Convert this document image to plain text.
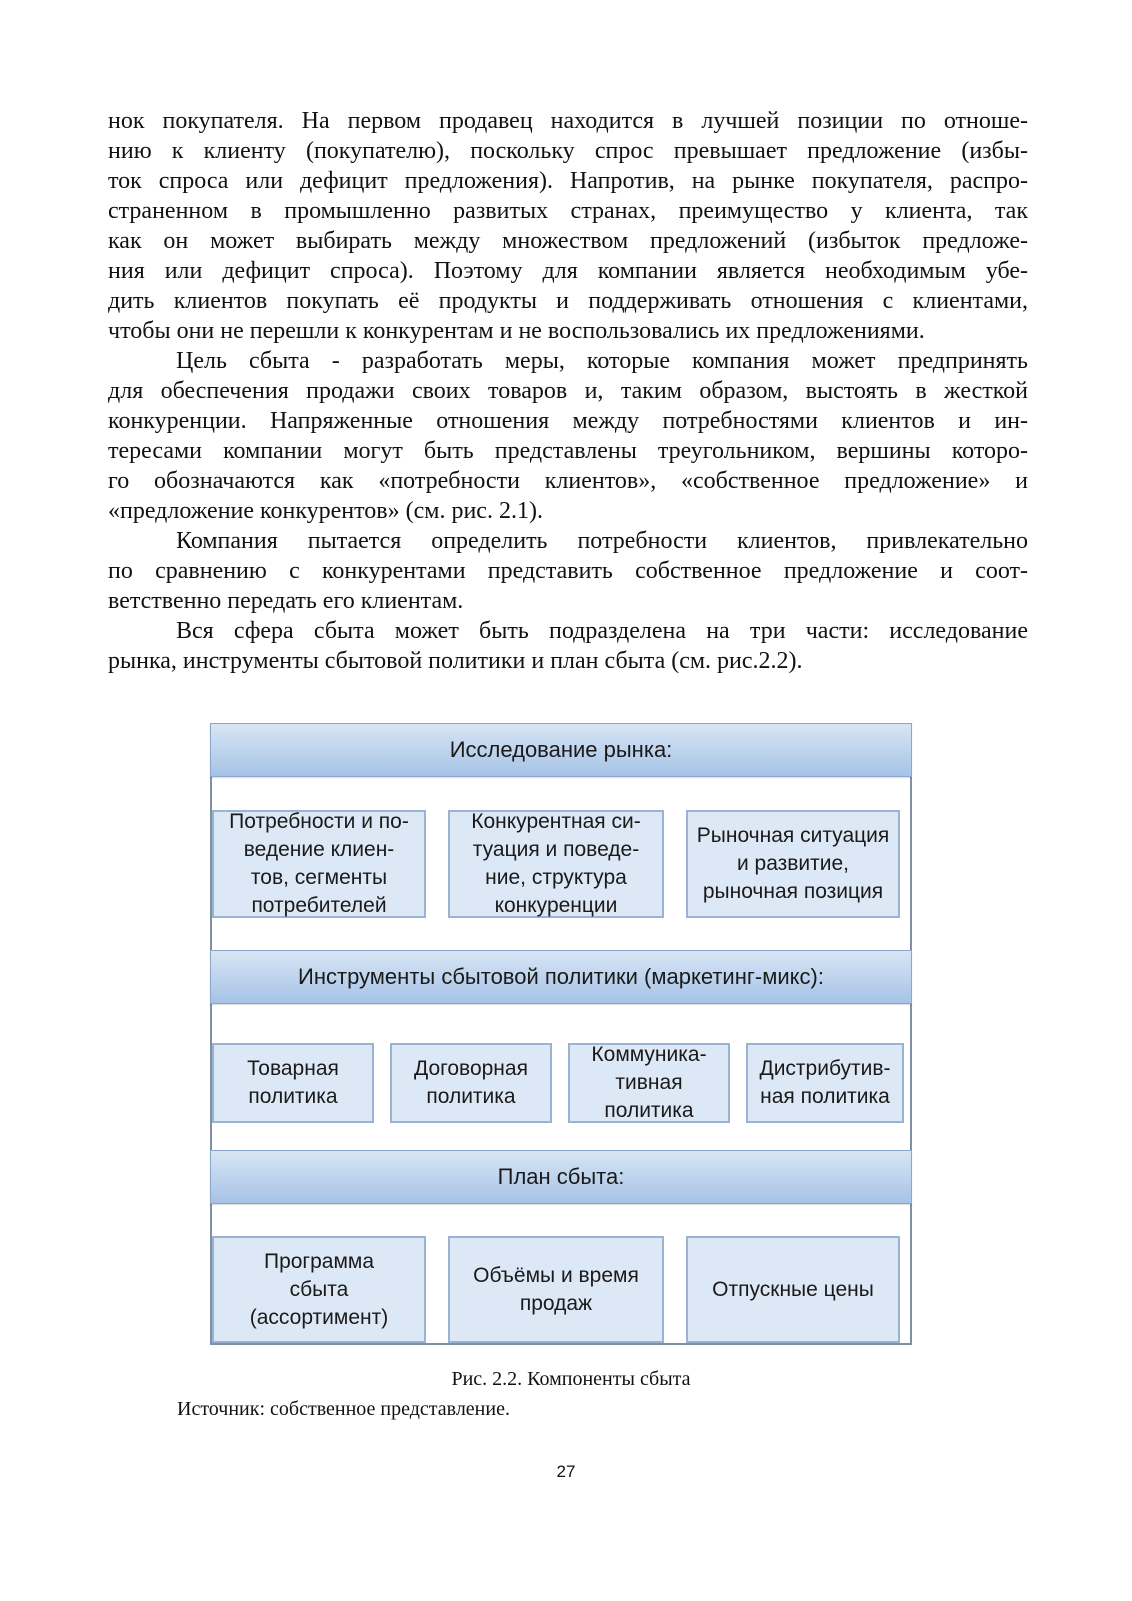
нок покупателя. На первом продавец находится в лучшей позиции по отноше-
нию к клиенту (покупателю), поскольку спрос превышает предложение (избы-
ток спроса или дефицит предложения). Напротив, на рынке покупателя, распро-
страненном в промышленно развитых странах, преимущество у клиента, так
как он может выбирать между множеством предложений (избыток предложе-
ния или дефицит спроса). Поэтому для компании является необходимым убе-
дить клиентов покупать её продукты и поддерживать отношения с клиентами,
чтобы они не перешли к конкурентам и не воспользовались их предложениями.
Цель сбыта - разработать меры, которые компания может предпринять
для обеспечения продажи своих товаров и, таким образом, выстоять в жесткой
конкуренции. Напряженные отношения между потребностями клиентов и ин-
тересами компании могут быть представлены треугольником, вершины которо-
го обозначаются как «потребности клиентов», «собственное предложение» и
«предложение конкурентов» (см. рис. 2.1).
Компания пытается определить потребности клиентов, привлекательно
по сравнению с конкурентами представить собственное предложение и соот-
ветственно передать его клиентам.
Вся сфера сбыта может быть подразделена на три части: исследование
рынка, инструменты сбытовой политики и план сбыта (см. рис.2.2).
Исследование рынка:
Потребности и по-
ведение клиен-
тов, сегменты
потребителей
Конкурентная си-
туация и поведе-
ние, структура
конкуренции
Рыночная ситуация
и развитие,
рыночная позиция
Инструменты сбытовой политики (маркетинг-микс):
Товарная
политика
Договорная
политика
Коммуника-
тивная
политика
Дистрибутив-
ная политика
План сбыта:
Программа
сбыта
(ассортимент)
Объёмы и время
продаж
Отпускные цены
Рис. 2.2. Компоненты сбыта
Источник: собственное представление.
27
